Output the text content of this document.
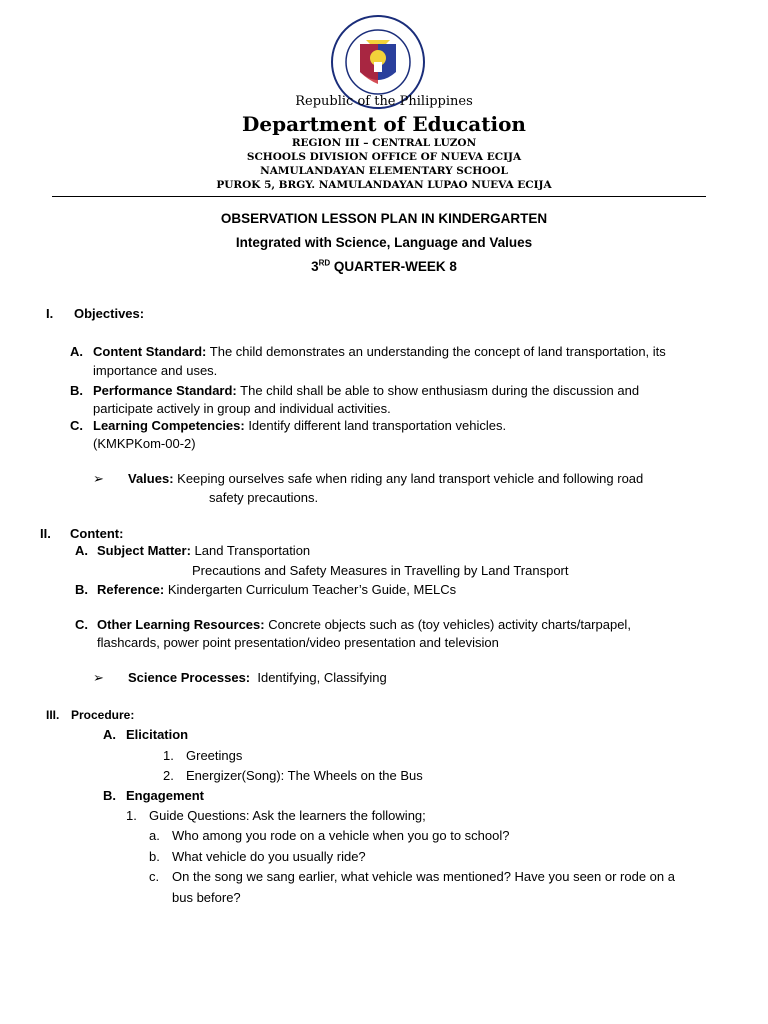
Republic of the Philippines
Department of Education
REGION III – CENTRAL LUZON
SCHOOLS DIVISION OFFICE OF NUEVA ECIJA
NAMULANDAYAN ELEMENTARY SCHOOL
PUROK 5, BRGY. NAMULANDAYAN LUPAO NUEVA ECIJA
OBSERVATION LESSON PLAN IN KINDERGARTEN
Integrated with Science, Language and Values
3RD QUARTER-WEEK 8
I. Objectives:
A. Content Standard: The child demonstrates an understanding the concept of land transportation, its
importance and uses.
B. Performance Standard: The child shall be able to show enthusiasm during the discussion and
participate actively in group and individual activities.
C. Learning Competencies: Identify different land transportation vehicles.
(KMKPKom-00-2)
➢ Values: Keeping ourselves safe when riding any land transport vehicle and following road
safety precautions.
II. Content:
A. Subject Matter: Land Transportation
Precautions and Safety Measures in Travelling by Land Transport
B. Reference: Kindergarten Curriculum Teacher’s Guide, MELCs
C. Other Learning Resources: Concrete objects such as (toy vehicles) activity charts/tarpapel,
flashcards, power point presentation/video presentation and television
➢ Science Processes:  Identifying, Classifying
III. Procedure:
A. Elicitation
1. Greetings
2. Energizer(Song): The Wheels on the Bus
B. Engagement
1. Guide Questions: Ask the learners the following;
a. Who among you rode on a vehicle when you go to school?
b. What vehicle do you usually ride?
c. On the song we sang earlier, what vehicle was mentioned? Have you seen or rode on a
bus before?
